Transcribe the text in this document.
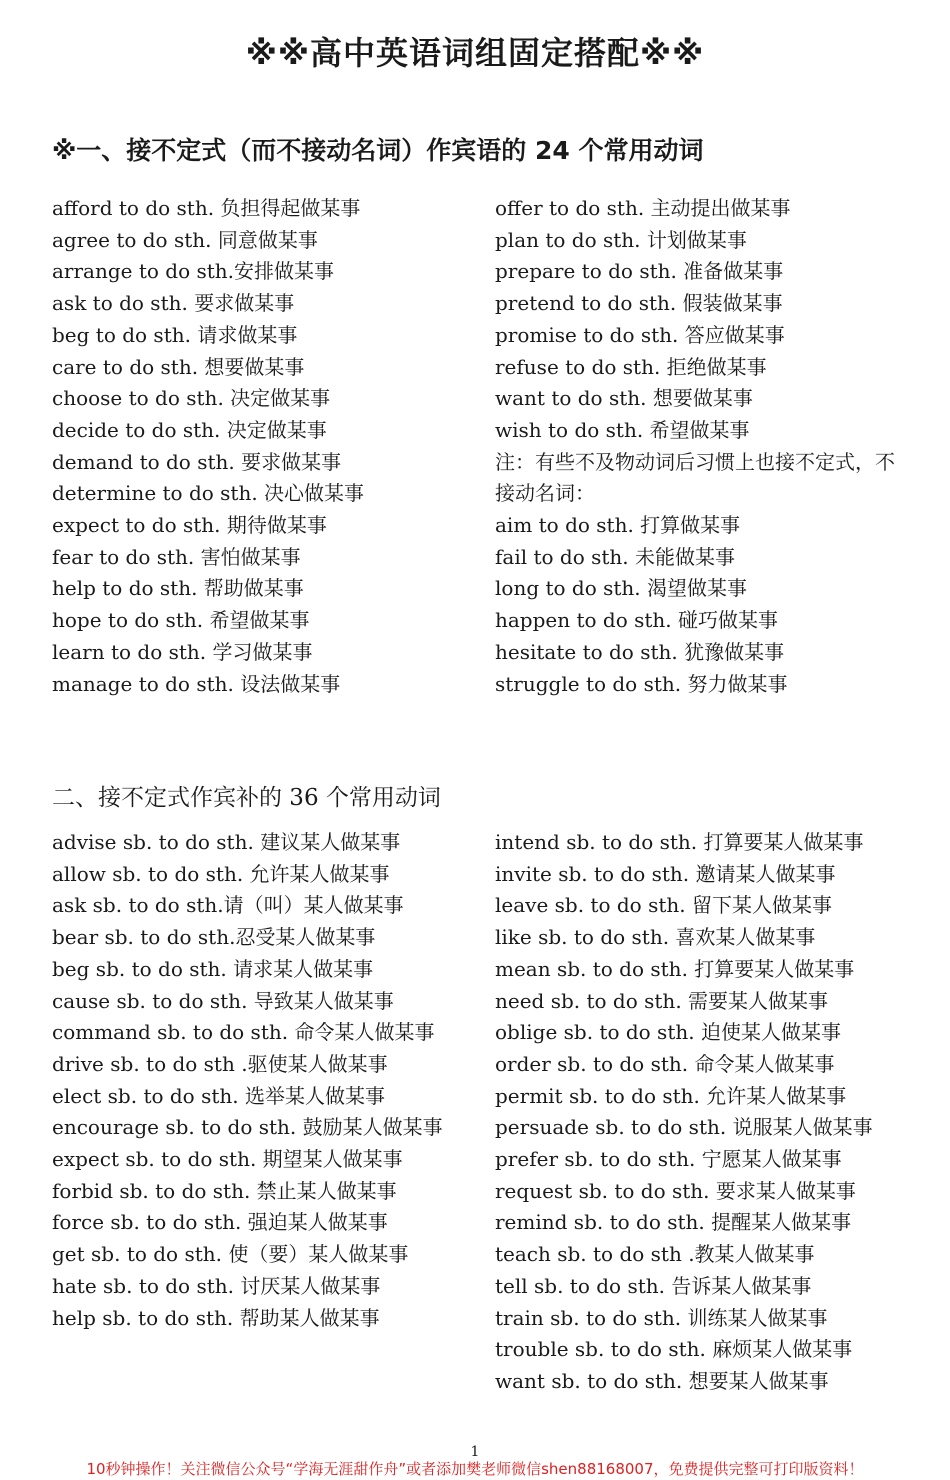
※※高中英语词组固定搭配※※
※一、接不定式（而不接动名词）作宾语的 24 个常用动词
afford to do sth. 负担得起做某事
agree to do sth. 同意做某事
arrange to do sth.安排做某事
ask to do sth. 要求做某事
beg to do sth. 请求做某事
care to do sth. 想要做某事
choose to do sth. 决定做某事
decide to do sth. 决定做某事
demand to do sth. 要求做某事
determine to do sth. 决心做某事
expect to do sth. 期待做某事
fear to do sth. 害怕做某事
help to do sth. 帮助做某事
hope to do sth. 希望做某事
learn to do sth. 学习做某事
manage to do sth. 设法做某事
offer to do sth. 主动提出做某事
plan to do sth. 计划做某事
prepare to do sth. 准备做某事
pretend to do sth. 假装做某事
promise to do sth. 答应做某事
refuse to do sth. 拒绝做某事
want to do sth. 想要做某事
wish to do sth. 希望做某事
注：有些不及物动词后习惯上也接不定式，不接动名词：
aim to do sth. 打算做某事
fail to do sth. 未能做某事
long to do sth. 渴望做某事
happen to do sth. 碰巧做某事
hesitate to do sth. 犹豫做某事
struggle to do sth. 努力做某事
二、接不定式作宾补的 36 个常用动词
advise sb. to do sth. 建议某人做某事
allow sb. to do sth. 允许某人做某事
ask sb. to do sth.请（叫）某人做某事
bear sb. to do sth.忍受某人做某事
beg sb. to do sth. 请求某人做某事
cause sb. to do sth. 导致某人做某事
command sb. to do sth. 命令某人做某事
drive sb. to do sth .驱使某人做某事
elect sb. to do sth. 选举某人做某事
encourage sb. to do sth. 鼓励某人做某事
expect sb. to do sth. 期望某人做某事
forbid sb. to do sth. 禁止某人做某事
force sb. to do sth. 强迫某人做某事
get sb. to do sth. 使（要）某人做某事
hate sb. to do sth. 讨厌某人做某事
help sb. to do sth. 帮助某人做某事
intend sb. to do sth. 打算要某人做某事
invite sb. to do sth. 邀请某人做某事
leave sb. to do sth. 留下某人做某事
like sb. to do sth. 喜欢某人做某事
mean sb. to do sth. 打算要某人做某事
need sb. to do sth. 需要某人做某事
oblige sb. to do sth. 迫使某人做某事
order sb. to do sth. 命令某人做某事
permit sb. to do sth. 允许某人做某事
persuade sb. to do sth. 说服某人做某事
prefer sb. to do sth. 宁愿某人做某事
request sb. to do sth. 要求某人做某事
remind sb. to do sth. 提醒某人做某事
teach sb. to do sth .教某人做某事
tell sb. to do sth. 告诉某人做某事
train sb. to do sth. 训练某人做某事
trouble sb. to do sth. 麻烦某人做某事
want sb. to do sth. 想要某人做某事
1
10秒钟操作！关注微信公众号“学海无涯甜作舟”或者添加樊老师微信shen88168007，免费提供完整可打印版资料！
